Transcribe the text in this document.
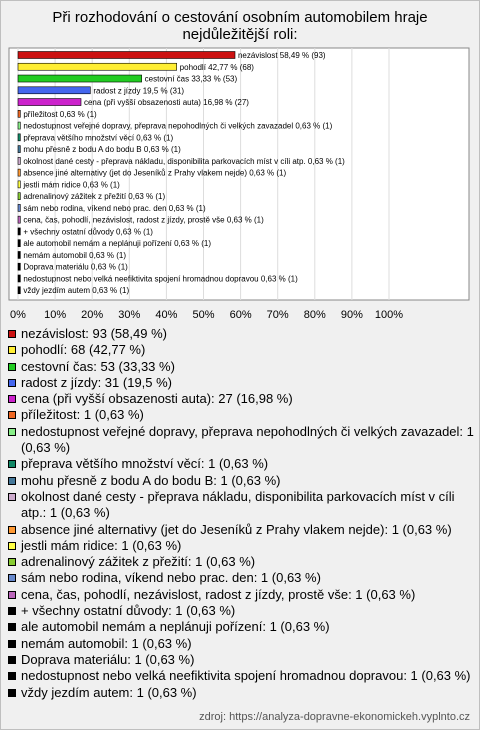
Při rozhodování o cestování osobním automobilem hraje
nejdůležitější roli:
0% 10% 20% 30% 40% 50% 60% 70% 80% 90% 100%
nezávislost 58,49 % (93)
pohodlí 42,77 % (68)
cestovní čas 33,33 % (53)
radost z jízdy 19,5 % (31)
cena (při vyšší obsazenosti auta) 16,98 % (27)
příležitost 0,63 % (1)
nedostupnost veřejné dopravy, přeprava nepohodlných či velkých zavazadel 0,63 % (1)
přeprava většího množství věcí 0,63 % (1)
mohu přesně z bodu A do bodu B 0,63 % (1)
okolnost dané cesty - přeprava nákladu, disponibilita parkovacích míst v cíli atp. 0,63 % (1)
absence jiné alternativy (jet do Jeseníků z Prahy vlakem nejde) 0,63 % (1)
jestli mám ridice 0,63 % (1)
adrenalinový zážitek z přežití 0,63 % (1)
sám nebo rodina, víkend nebo prac. den 0,63 % (1)
cena, čas, pohodlí, nezávislost, radost z jízdy, prostě vše 0,63 % (1)
+ všechny ostatní důvody 0,63 % (1)
ale automobil nemám a neplánuji pořízení 0,63 % (1)
nemám automobil 0,63 % (1)
Doprava materiálu 0,63 % (1)
nedostupnost nebo velká neefiktivita spojení hromadnou dopravou 0,63 % (1)
vždy jezdím autem 0,63 % (1)
nezávislost: 93 (58,49 %)
pohodlí: 68 (42,77 %)
cestovní čas: 53 (33,33 %)
radost z jízdy: 31 (19,5 %)
cena (při vyšší obsazenosti auta): 27 (16,98 %)
příležitost: 1 (0,63 %)
nedostupnost veřejné dopravy, přeprava nepohodlných či velkých zavazadel: 1 (0,63 %)
přeprava většího množství věcí: 1 (0,63 %)
mohu přesně z bodu A do bodu B: 1 (0,63 %)
okolnost dané cesty - přeprava nákladu, disponibilita parkovacích míst v cíli atp.: 1 (0,63 %)
absence jiné alternativy (jet do Jeseníků z Prahy vlakem nejde): 1 (0,63 %)
jestli mám ridice: 1 (0,63 %)
adrenalinový zážitek z přežití: 1 (0,63 %)
sám nebo rodina, víkend nebo prac. den: 1 (0,63 %)
cena, čas, pohodlí, nezávislost, radost z jízdy, prostě vše: 1 (0,63 %)
+ všechny ostatní důvody: 1 (0,63 %)
ale automobil nemám a neplánuji pořízení: 1 (0,63 %)
nemám automobil: 1 (0,63 %)
Doprava materiálu: 1 (0,63 %)
nedostupnost nebo velká neefiktivita spojení hromadnou dopravou: 1 (0,63 %)
vždy jezdím autem: 1 (0,63 %)
zdroj: https://analyza-dopravne-ekonomickeh.vyplnto.cz
